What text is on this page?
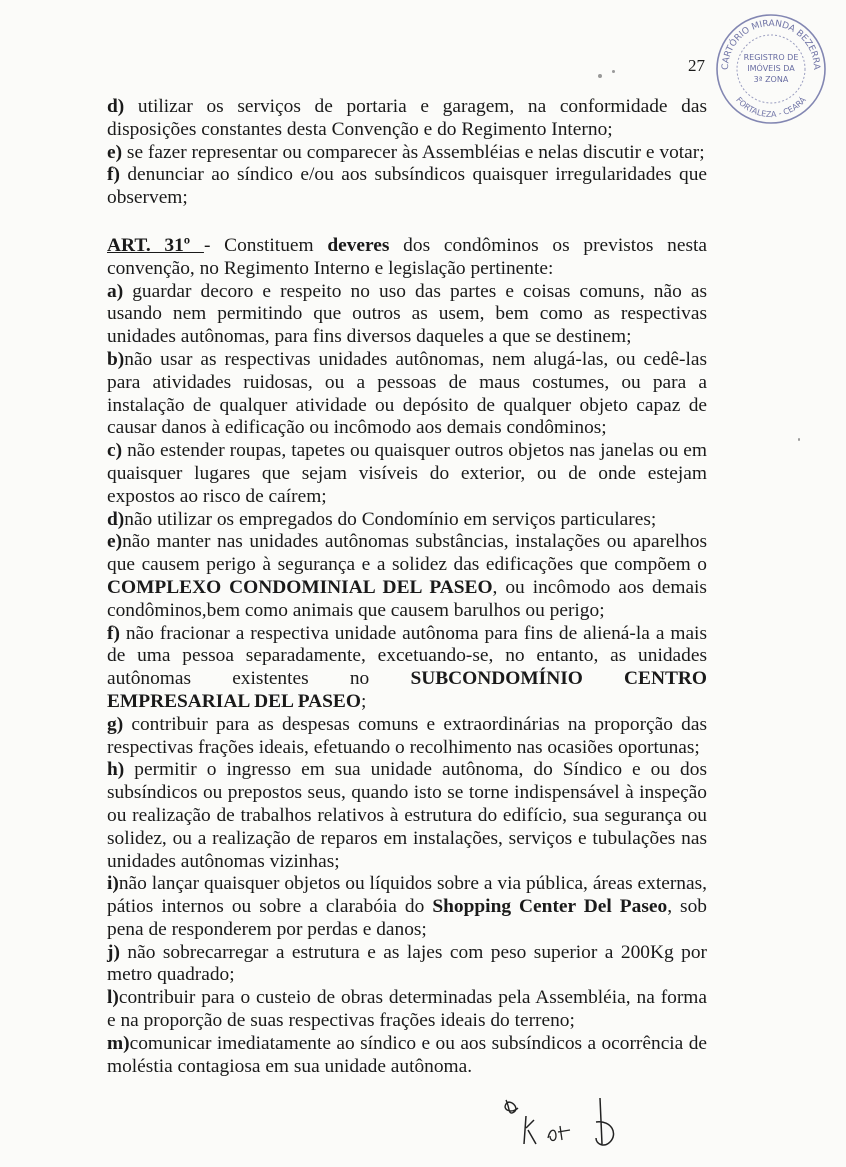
27 CARTÓRIO MIRANDA BEZERRA
FORTALEZA - CEARÁ
REGISTRO DE
IMÓVEIS DA
3ª ZONA

d) utilizar os serviços de portaria e garagem, na conformidade das disposições constantes desta Convenção e do Regimento Interno;

e) se fazer representar ou comparecer às Assembléias e nelas discutir e votar;

f) denunciar ao síndico e/ou aos subsíndicos quaisquer irregularidades que observem;

ART. 31º - Constituem deveres dos condôminos os previstos nesta convenção, no Regimento Interno e legislação pertinente:

a) guardar decoro e respeito no uso das partes e coisas comuns, não as usando nem permitindo que outros as usem, bem como as respectivas unidades autônomas, para fins diversos daqueles a que se destinem;

b)não usar as respectivas unidades autônomas, nem alugá-las, ou cedê-las para atividades ruidosas, ou a pessoas de maus costumes, ou para a instalação de qualquer atividade ou depósito de qualquer objeto capaz de causar danos à edificação ou incômodo aos demais condôminos;

c) não estender roupas, tapetes ou quaisquer outros objetos nas janelas ou em quaisquer lugares que sejam visíveis do exterior, ou de onde estejam expostos ao risco de caírem;

d)não utilizar os empregados do Condomínio em serviços particulares;

e)não manter nas unidades autônomas substâncias, instalações ou aparelhos que causem perigo à segurança e a solidez das edificações que compõem o COMPLEXO CONDOMINIAL DEL PASEO, ou incômodo aos demais condôminos,bem como animais que causem barulhos ou perigo;

f) não fracionar a respectiva unidade autônoma para fins de aliená-la a mais de uma pessoa separadamente, excetuando-se, no entanto, as unidades autônomas existentes no SUBCONDOMÍNIO CENTRO EMPRESARIAL DEL PASEO;

g) contribuir para as despesas comuns e extraordinárias na proporção das respectivas frações ideais, efetuando o recolhimento nas ocasiões oportunas;

h) permitir o ingresso em sua unidade autônoma, do Síndico e ou dos subsíndicos ou prepostos seus, quando isto se torne indispensável à inspeção ou realização de trabalhos relativos à estrutura do edifício, sua segurança ou solidez, ou a realização de reparos em instalações, serviços e tubulações nas unidades autônomas vizinhas;

i)não lançar quaisquer objetos ou líquidos sobre a via pública, áreas externas, pátios internos ou sobre a clarabóia do Shopping Center Del Paseo, sob pena de responderem por perdas e danos;

j) não sobrecarregar a estrutura e as lajes com peso superior a 200Kg por metro quadrado;

l)contribuir para o custeio de obras determinadas pela Assembléia, na forma e na proporção de suas respectivas frações ideais do terreno;

m)comunicar imediatamente ao síndico e ou aos subsíndicos a ocorrência de moléstia contagiosa em sua unidade autônoma.
